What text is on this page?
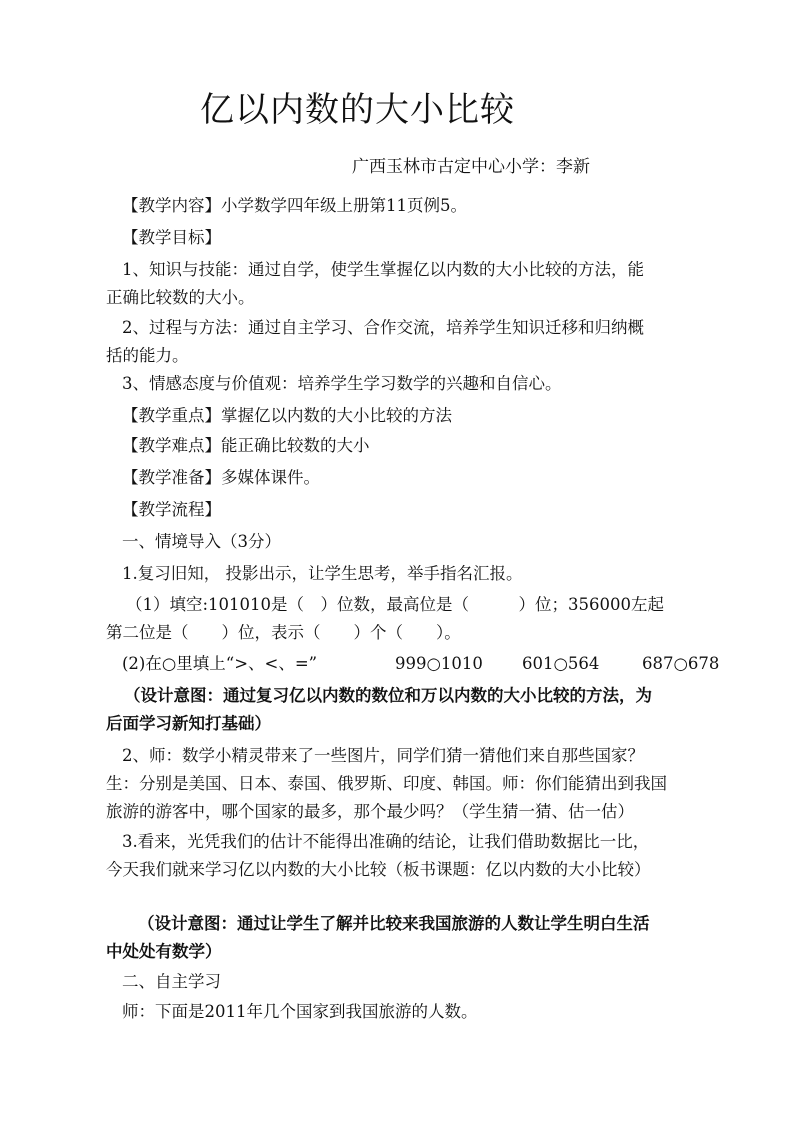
亿以内数的大小比较
广西玉林市古定中心小学：李新
【教学内容】小学数学四年级上册第11页例5。
【教学目标】
1、知识与技能：通过自学，使学生掌握亿以内数的大小比较的方法，能
正确比较数的大小。
2、过程与方法：通过自主学习、合作交流，培养学生知识迁移和归纳概
括的能力。
3、情感态度与价值观：培养学生学习数学的兴趣和自信心。
【教学重点】掌握亿以内数的大小比较的方法
【教学难点】能正确比较数的大小
【教学准备】多媒体课件。
【教学流程】
一、情境导入（3分）
1.复习旧知， 投影出示，让学生思考，举手指名汇报。
（1）填空:101010是（　）位数，最高位是（　　　）位；356000左起
第二位是（　　）位，表示（　　）个（　　）。
(2)在○里填上“>、<、=”	999○1010 601○564	687○678
（设计意图：通过复习亿以内数的数位和万以内数的大小比较的方法，为
后面学习新知打基础）
2、师：数学小精灵带来了一些图片，同学们猜一猜他们来自那些国家？
生：分别是美国、日本、泰国、俄罗斯、印度、韩国。师：你们能猜出到我国
旅游的游客中，哪个国家的最多，那个最少吗？（学生猜一猜、估一估）
3.看来，光凭我们的估计不能得出准确的结论，让我们借助数据比一比，
今天我们就来学习亿以内数的大小比较（板书课题：亿以内数的大小比较）
（设计意图：通过让学生了解并比较来我国旅游的人数让学生明白生活
中处处有数学）
二、自主学习
师：下面是2011年几个国家到我国旅游的人数。
